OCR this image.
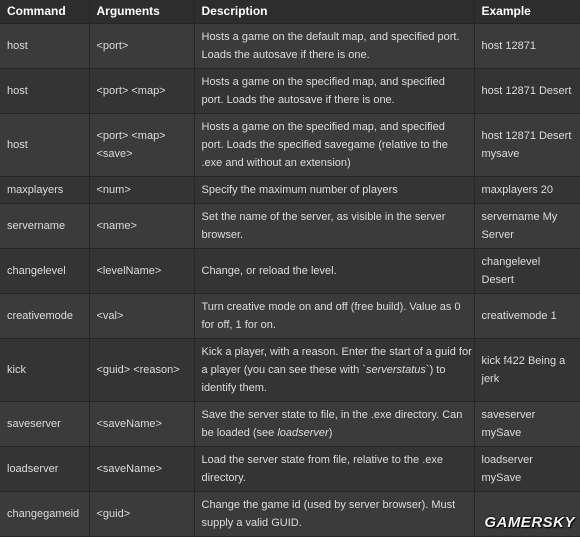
Command	Arguments	Description	Example
host	<port>	Hosts a game on the default map, and specified port.
Loads the autosave if there is one.	host 12871

host	<port> <map>	Hosts a game on the specified map, and specified
port. Loads the autosave if there is one.	host 12871 Desert

host	<port> <map> <save>	Hosts a game on the specified map, and specified
port. Loads the specified savegame (relative to the
.exe and without an extension)	host 12871 Desert mysave

maxplayers	<num>	Specify the maximum number of players	maxplayers 20

servername	<name>	Set the name of the server, as visible in the server
browser.	servername My Server

changelevel	<levelName>	Change, or reload the level.	changelevel Desert

creativemode	<val>	Turn creative mode on and off (free build). Value as 0
for off, 1 for on.	creativemode 1

kick	<guid> <reason>	Kick a player, with a reason. Enter the start of a guid for
a player (you can see these with `serverstatus`) to
identify them.	kick f422 Being a jerk

saveserver	<saveName>	Save the server state to file, in the .exe directory. Can
be loaded (see loadserver)	saveserver mySave

loadserver	<saveName>	Load the server state from file, relative to the .exe
directory.	loadserver mySave

changegameid	<guid>	Change the game id (used by server browser). Must
supply a valid GUID.	
		GAMERSKY
